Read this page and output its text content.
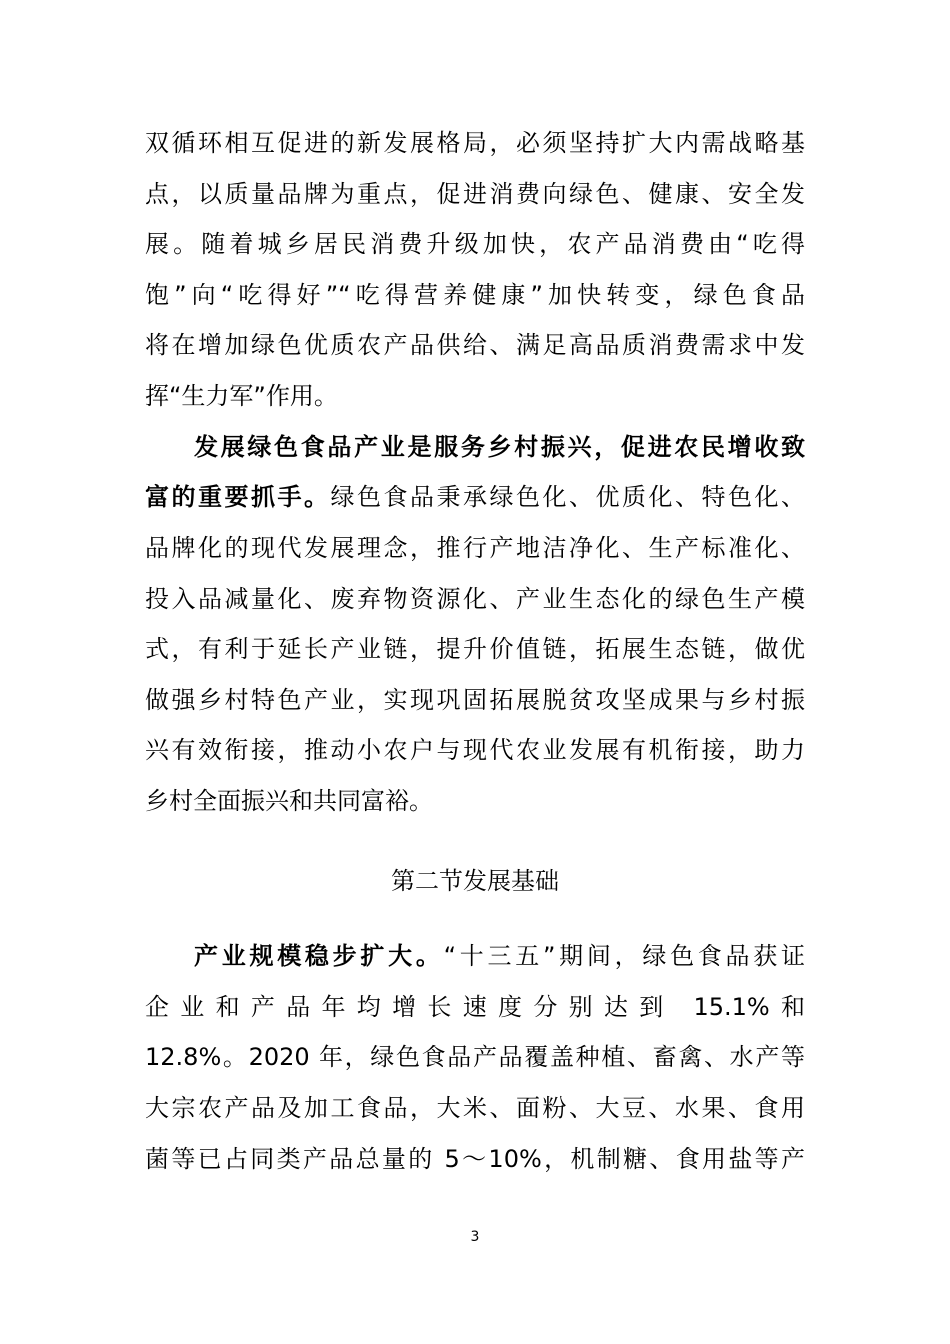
双循环相互促进的新发展格局，必须坚持扩大内需战略基
点，以质量品牌为重点，促进消费向绿色、健康、安全发
展。随着城乡居民消费升级加快，农产品消费由“吃得
饱”向“吃得好”“吃得营养健康”加快转变，绿色食品
将在增加绿色优质农产品供给、满足高品质消费需求中发
挥“生力军”作用。
发展绿色食品产业是服务乡村振兴，促进农民增收致
富的重要抓手。绿色食品秉承绿色化、优质化、特色化、
品牌化的现代发展理念，推行产地洁净化、生产标准化、
投入品减量化、废弃物资源化、产业生态化的绿色生产模
式，有利于延长产业链，提升价值链，拓展生态链，做优
做强乡村特色产业，实现巩固拓展脱贫攻坚成果与乡村振
兴有效衔接，推动小农户与现代农业发展有机衔接，助力
乡村全面振兴和共同富裕。
第二节发展基础
产业规模稳步扩大。“十三五”期间，绿色食品获证
企业和产品年均增长速度分别达到 15.1%和
12.8%。2020 年，绿色食品产品覆盖种植、畜禽、水产等
大宗农产品及加工食品，大米、面粉、大豆、水果、食用
菌等已占同类产品总量的 5～10%，机制糖、食用盐等产
3
